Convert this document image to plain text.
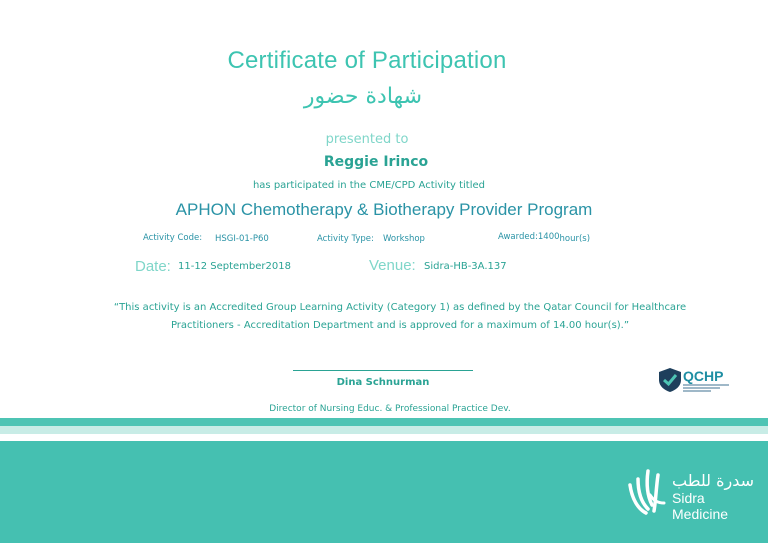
Certificate of Participation
شهادة حضور
presented to
Reggie Irinco
has participated in the CME/CPD Activity titled
APHON Chemotherapy & Biotherapy Provider Program
Activity Code: HSGI-01-P60	Activity Type: Workshop	Awarded:1400hour(s)
Date: 11-12 September2018	Venue: Sidra-HB-3A.137
“This activity is an Accredited Group Learning Activity (Category 1) as defined by the Qatar Council for Healthcare
Practitioners - Accreditation Department and is approved for a maximum of 14.00 hour(s).”
Dina Schnurman
Director of Nursing Educ. & Professional Practice Dev.
QCHP
سدرة للطب
Sidra
Medicine
